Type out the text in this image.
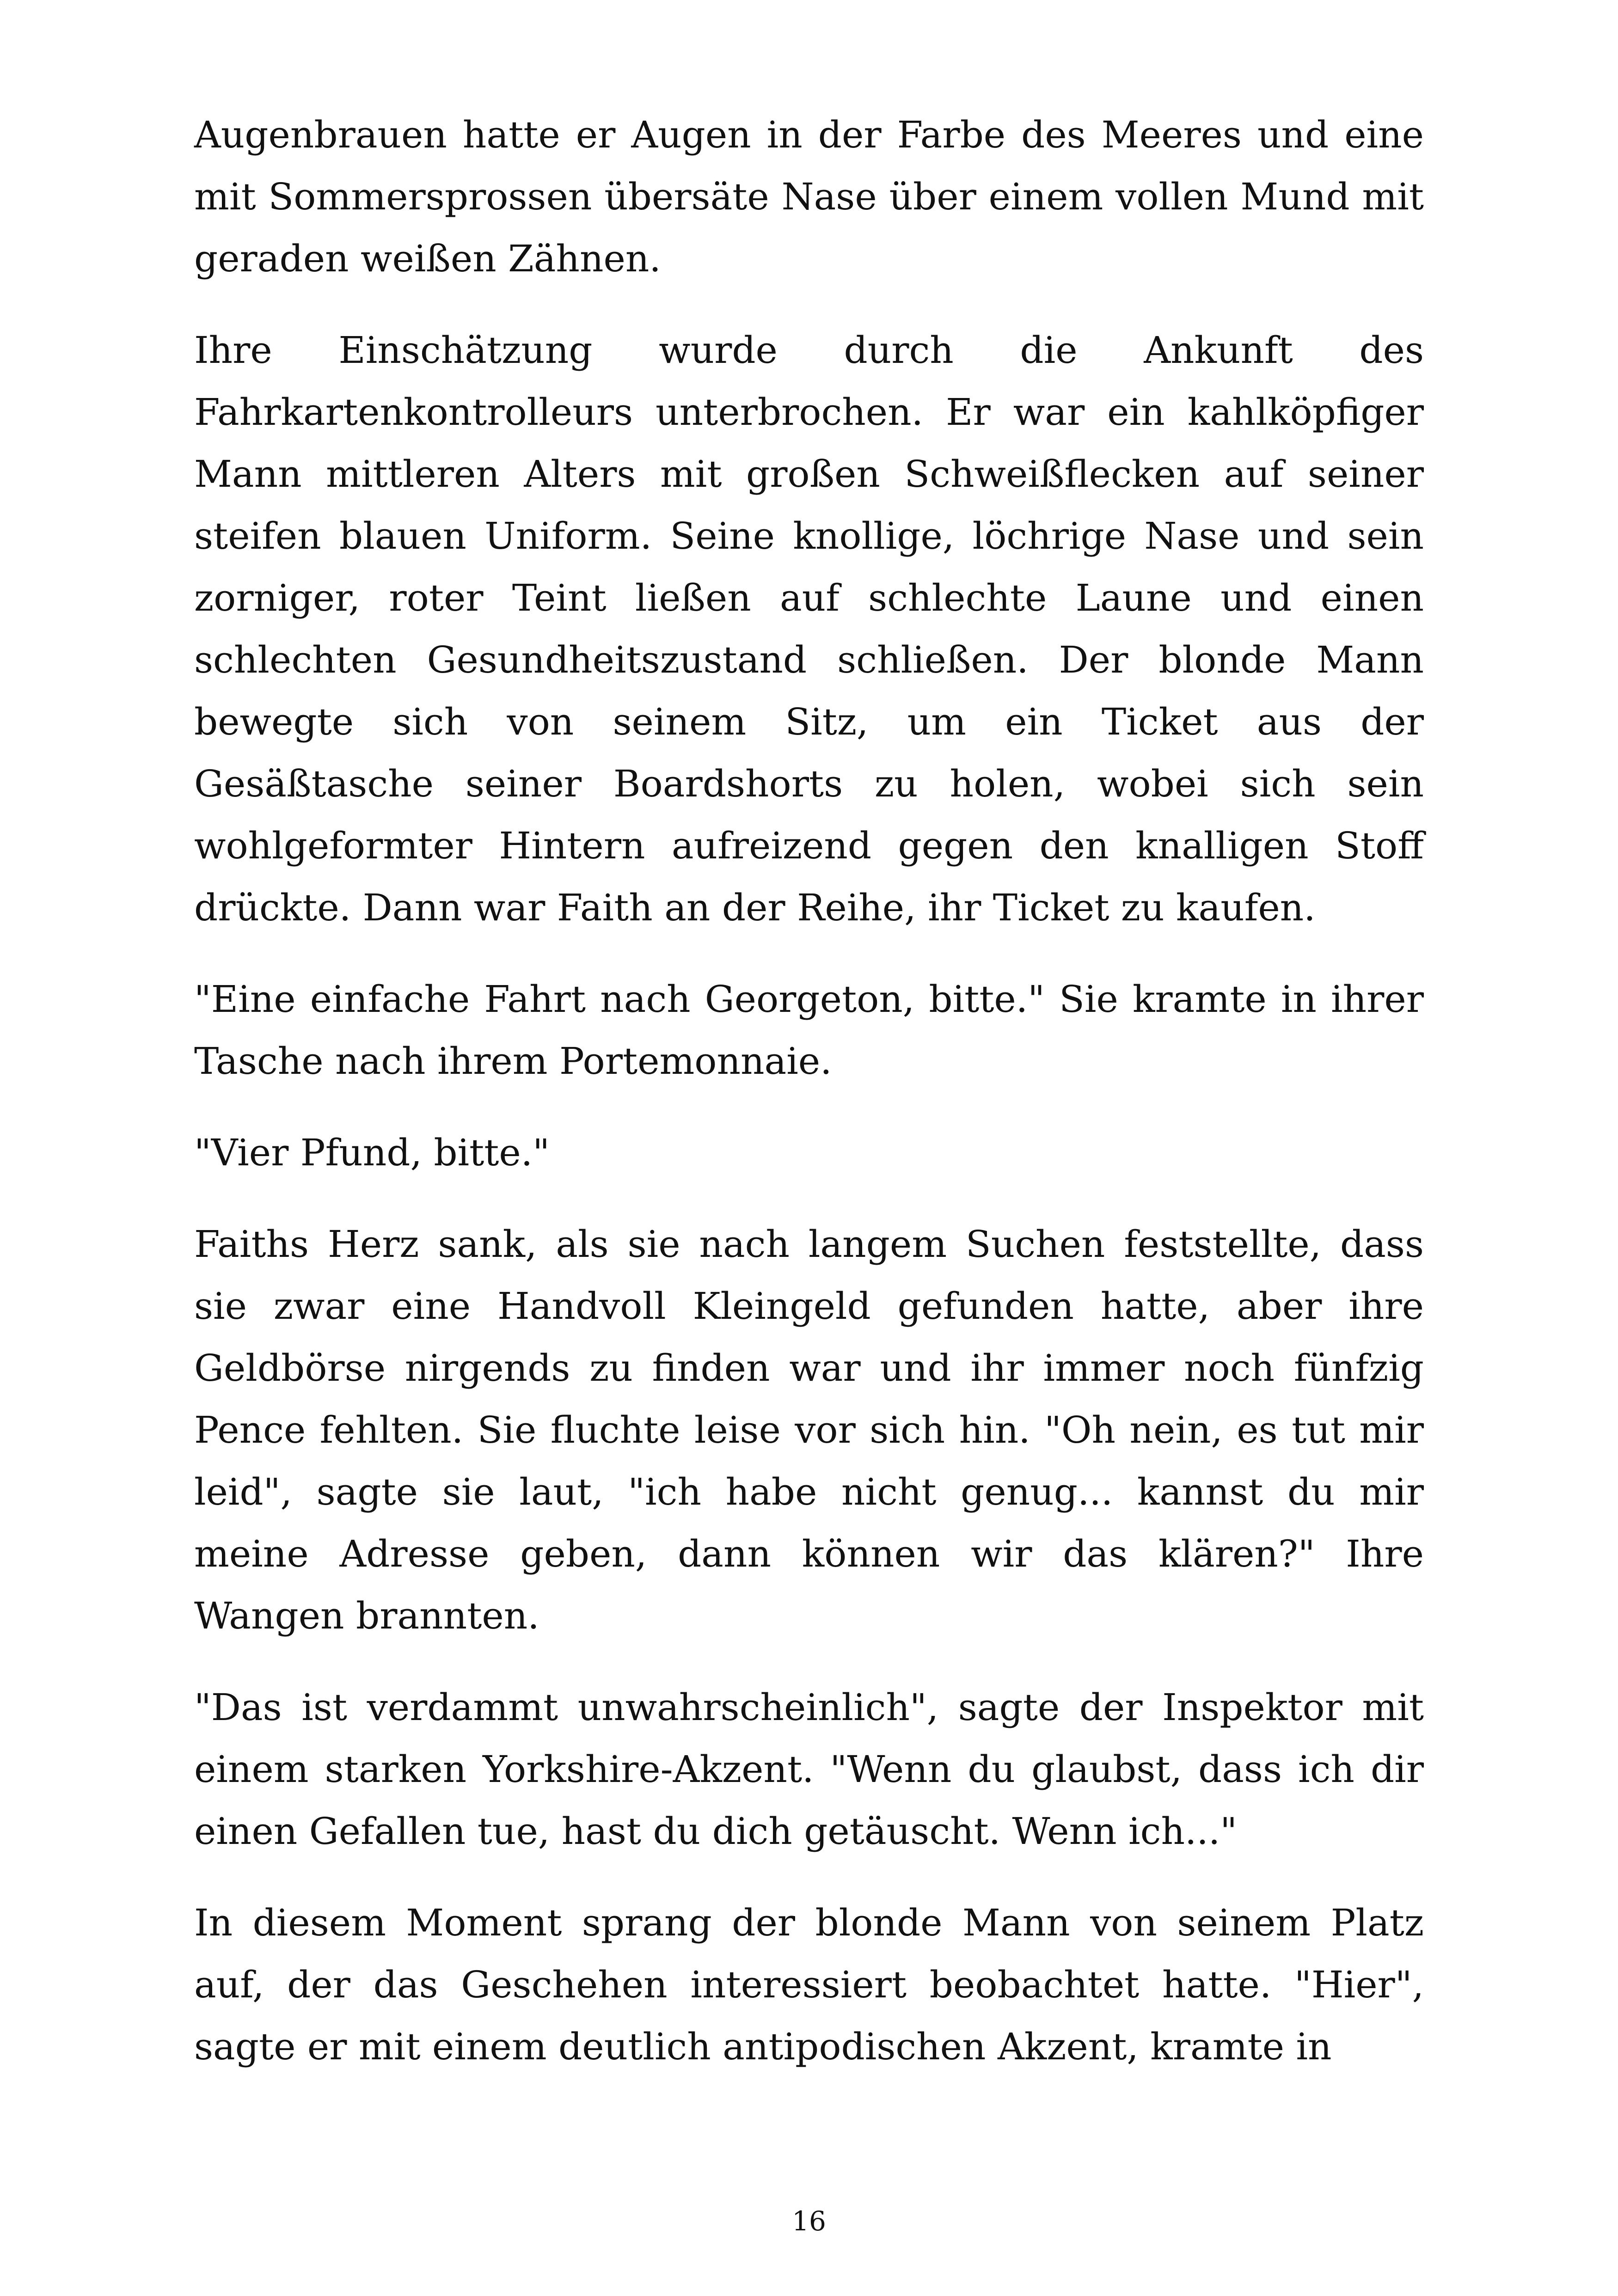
Augenbrauen hatte er Augen in der Farbe des Meeres und eine mit Sommersprossen übersäte Nase über einem vollen Mund mit geraden weißen Zähnen.

Ihre Einschätzung wurde durch die Ankunft des Fahrkartenkontrolleurs unterbrochen. Er war ein kahlköpfiger Mann mittleren Alters mit großen Schweißflecken auf seiner steifen blauen Uniform. Seine knollige, löchrige Nase und sein zorniger, roter Teint ließen auf schlechte Laune und einen schlechten Gesundheitszustand schließen. Der blonde Mann bewegte sich von seinem Sitz, um ein Ticket aus der Gesäßtasche seiner Boardshorts zu holen, wobei sich sein wohlgeformter Hintern aufreizend gegen den knalligen Stoff drückte. Dann war Faith an der Reihe, ihr Ticket zu kaufen.

"Eine einfache Fahrt nach Georgeton, bitte." Sie kramte in ihrer Tasche nach ihrem Portemonnaie.

"Vier Pfund, bitte."

Faiths Herz sank, als sie nach langem Suchen feststellte, dass sie zwar eine Handvoll Kleingeld gefunden hatte, aber ihre Geldbörse nirgends zu finden war und ihr immer noch fünfzig Pence fehlten. Sie fluchte leise vor sich hin. "Oh nein, es tut mir leid", sagte sie laut, "ich habe nicht genug... kannst du mir meine Adresse geben, dann können wir das klären?" Ihre Wangen brannten.

"Das ist verdammt unwahrscheinlich", sagte der Inspektor mit einem starken Yorkshire-Akzent. "Wenn du glaubst, dass ich dir einen Gefallen tue, hast du dich getäuscht. Wenn ich..."

In diesem Moment sprang der blonde Mann von seinem Platz auf, der das Geschehen interessiert beobachtet hatte. "Hier", sagte er mit einem deutlich antipodischen Akzent, kramte in

16
